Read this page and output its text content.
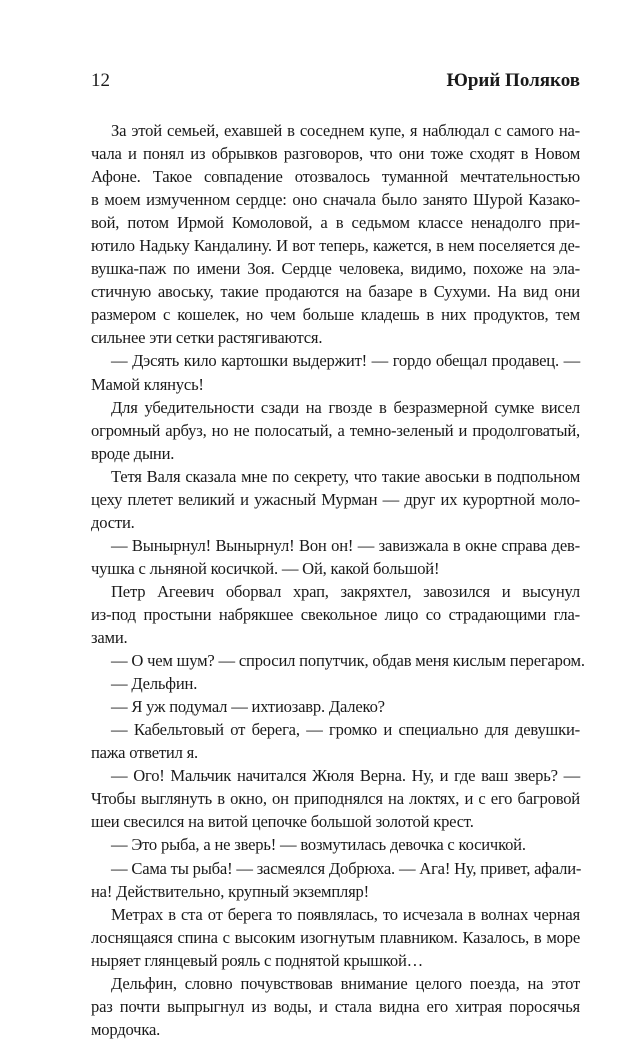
12	Юрий Поляков
За этой семьей, ехавшей в соседнем купе, я наблюдал с самого на-
чала и понял из обрывков разговоров, что они тоже сходят в Новом
Афоне. Такое совпадение отозвалось туманной мечтательностью
в моем измученном сердце: оно сначала было занято Шурой Казако-
вой, потом Ирмой Комоловой, а в седьмом классе ненадолго при-
ютило Надьку Кандалину. И вот теперь, кажется, в нем поселяется де-
вушка-паж по имени Зоя. Сердце человека, видимо, похоже на эла-
стичную авоську, такие продаются на базаре в Сухуми. На вид они
размером с кошелек, но чем больше кладешь в них продуктов, тем
сильнее эти сетки растягиваются.
— Дэсять кило картошки выдержит! — гордо обещал продавец. —
Мамой клянусь!
Для убедительности сзади на гвозде в безразмерной сумке висел
огромный арбуз, но не полосатый, а темно-зеленый и продолговатый,
вроде дыни.
Тетя Валя сказала мне по секрету, что такие авоськи в подпольном
цеху плетет великий и ужасный Мурман — друг их курортной моло-
дости.
— Вынырнул! Вынырнул! Вон он! — завизжала в окне справа дев-
чушка с льняной косичкой. — Ой, какой большой!
Петр Агеевич оборвал храп, закряхтел, завозился и высунул
из-под простыни набрякшее свекольное лицо со страдающими гла-
зами.
— О чем шум? — спросил попутчик, обдав меня кислым перегаром.
— Дельфин.
— Я уж подумал — ихтиозавр. Далеко?
— Кабельтовый от берега, — громко и специально для девушки-
пажа ответил я.
— Ого! Мальчик начитался Жюля Верна. Ну, и где ваш зверь? —
Чтобы выглянуть в окно, он приподнялся на локтях, и с его багровой
шеи свесился на витой цепочке большой золотой крест.
— Это рыба, а не зверь! — возмутилась девочка с косичкой.
— Сама ты рыба! — засмеялся Добрюха. — Ага! Ну, привет, афали-
на! Действительно, крупный экземпляр!
Метрах в ста от берега то появлялась, то исчезала в волнах черная
лоснящаяся спина с высоким изогнутым плавником. Казалось, в море
ныряет глянцевый рояль с поднятой крышкой…
Дельфин, словно почувствовав внимание целого поезда, на этот
раз почти выпрыгнул из воды, и стала видна его хитрая поросячья
мордочка.
